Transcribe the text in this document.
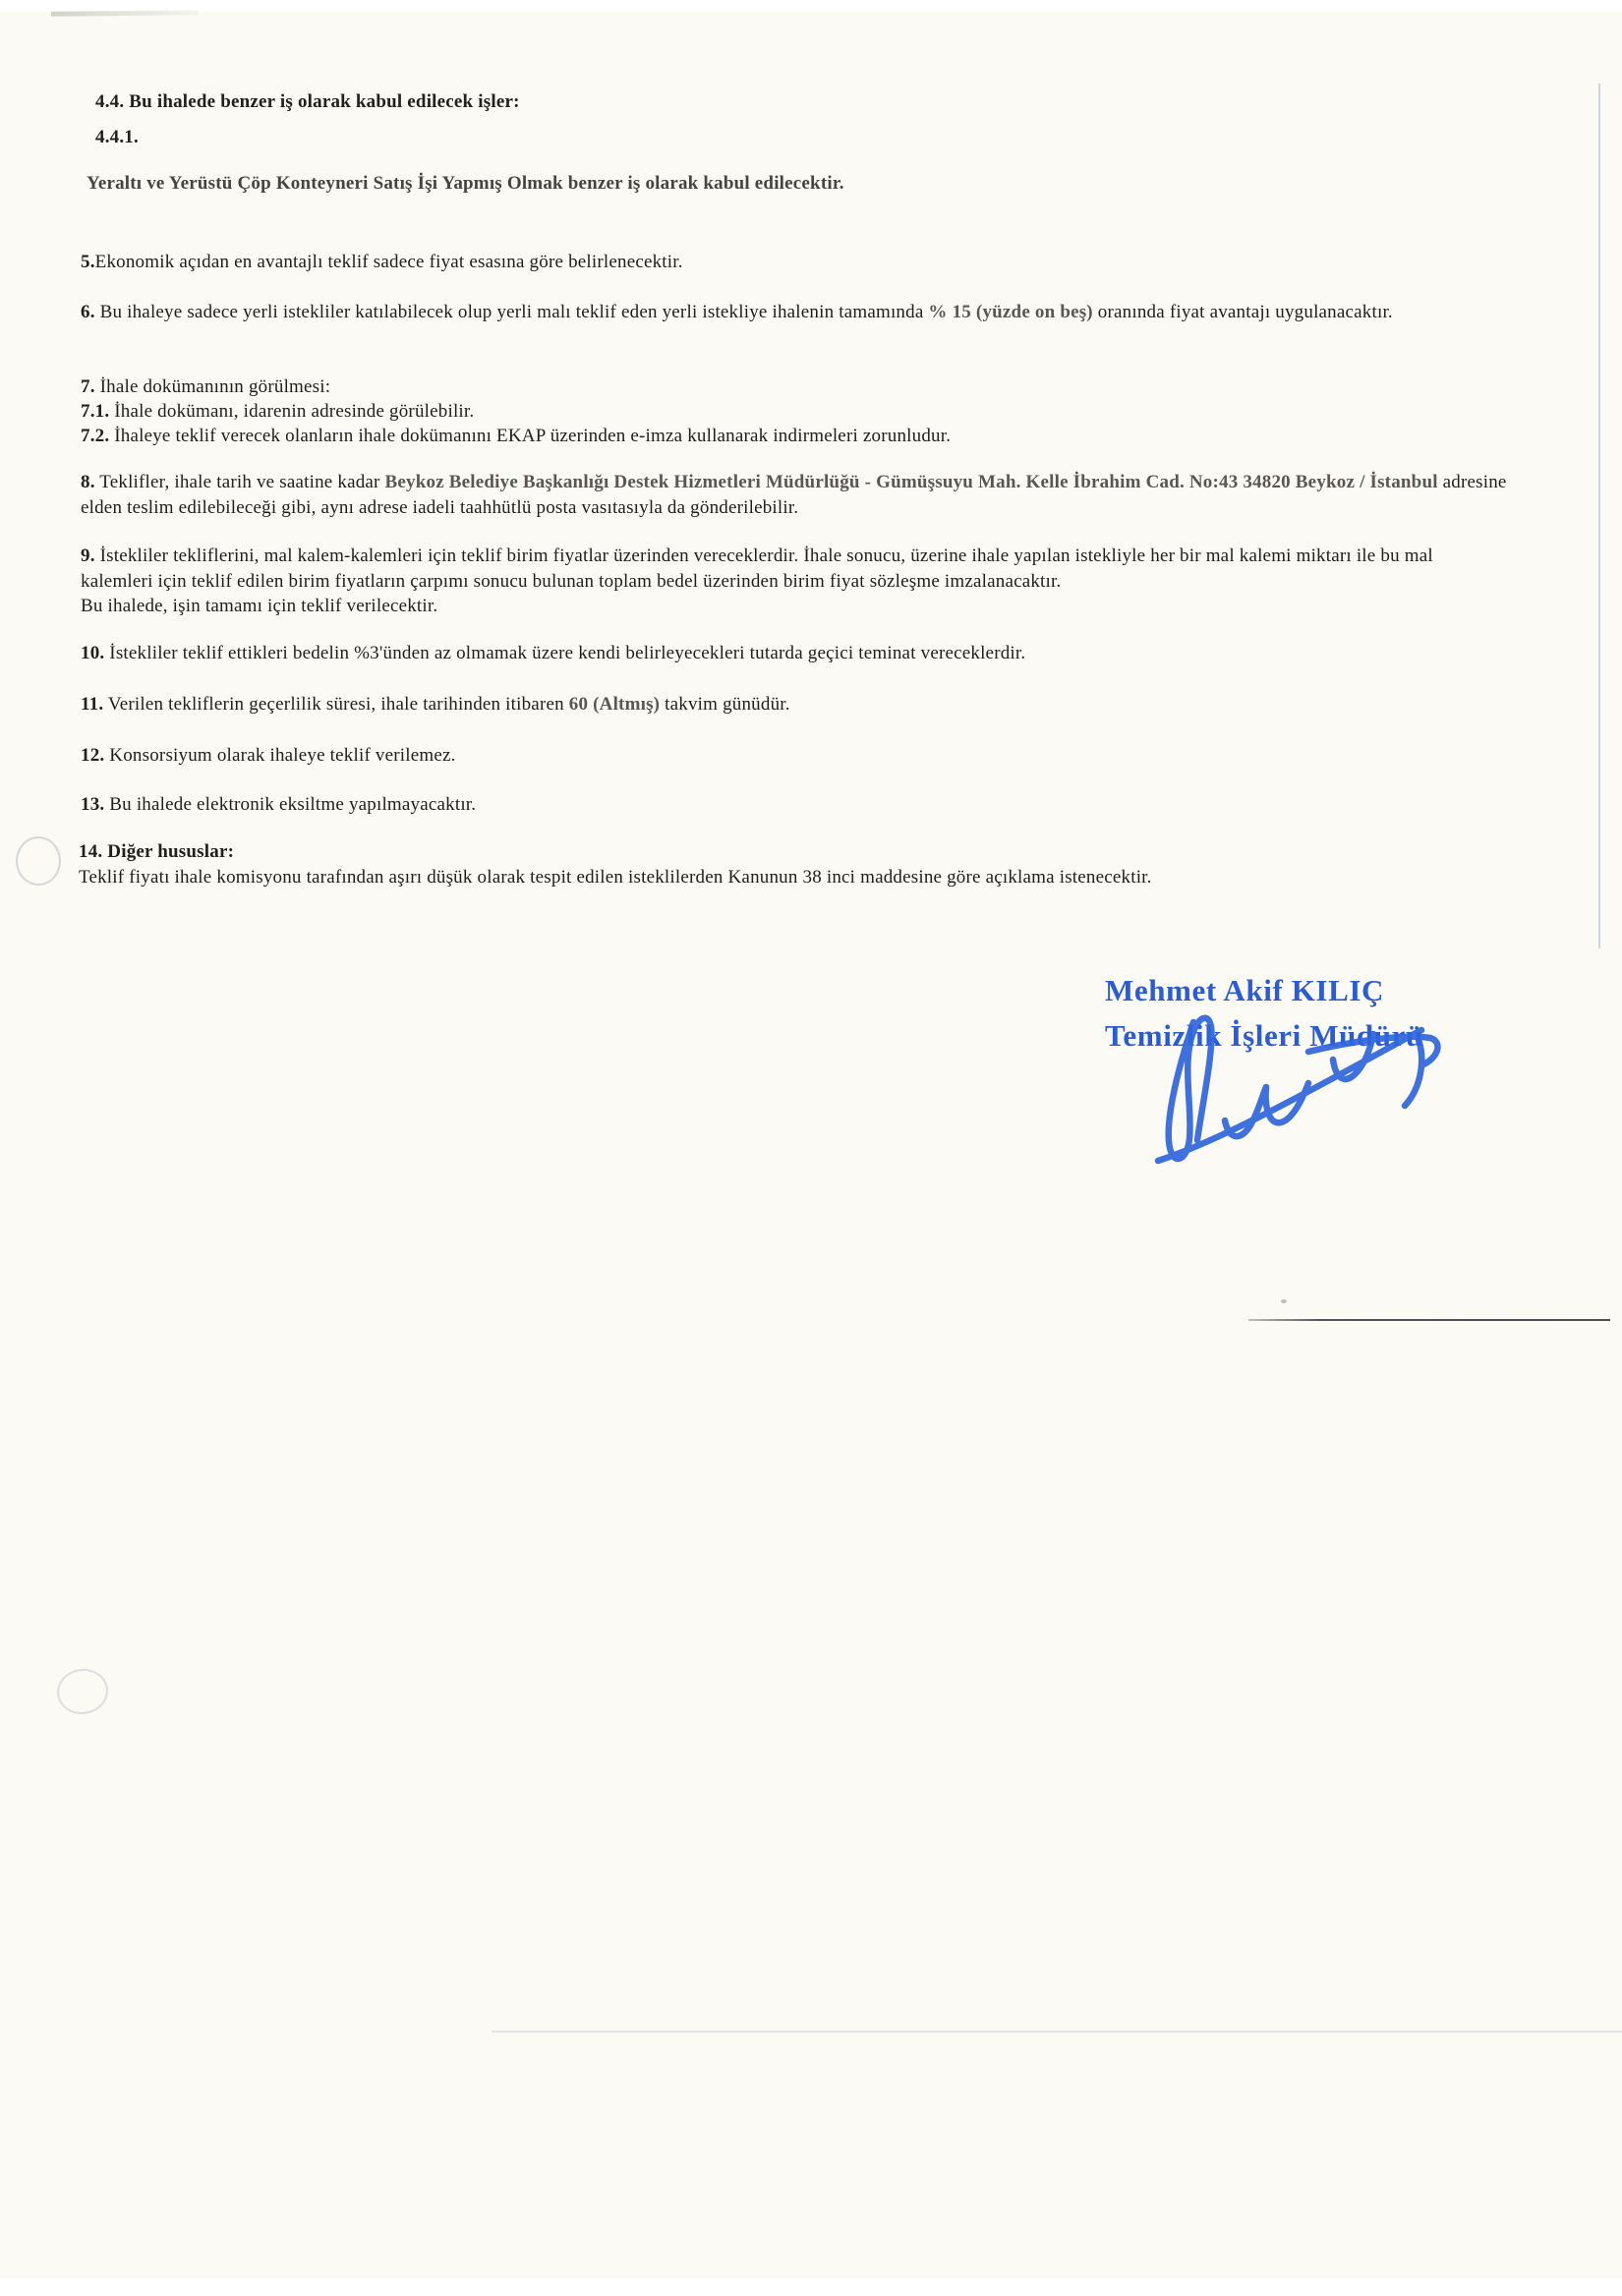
4.4. Bu ihalede benzer iş olarak kabul edilecek işler:
4.4.1.
Yeraltı ve Yerüstü Çöp Konteyneri Satış İşi Yapmış Olmak benzer iş olarak kabul edilecektir.
5.Ekonomik açıdan en avantajlı teklif sadece fiyat esasına göre belirlenecektir.
6. Bu ihaleye sadece yerli istekliler katılabilecek olup yerli malı teklif eden yerli istekliye ihalenin tamamında % 15 (yüzde on beş) oranında fiyat avantajı uygulanacaktır.
7. İhale dokümanının görülmesi:
7.1. İhale dokümanı, idarenin adresinde görülebilir.
7.2. İhaleye teklif verecek olanların ihale dokümanını EKAP üzerinden e-imza kullanarak indirmeleri zorunludur.
8. Teklifler, ihale tarih ve saatine kadar Beykoz Belediye Başkanlığı Destek Hizmetleri Müdürlüğü - Gümüşsuyu Mah. Kelle İbrahim Cad. No:43 34820 Beykoz / İstanbul adresine elden teslim edilebileceği gibi, aynı adrese iadeli taahhütlü posta vasıtasıyla da gönderilebilir.
9. İstekliler tekliflerini, mal kalem-kalemleri için teklif birim fiyatlar üzerinden vereceklerdir. İhale sonucu, üzerine ihale yapılan istekliyle her bir mal kalemi miktarı ile bu mal kalemleri için teklif edilen birim fiyatların çarpımı sonucu bulunan toplam bedel üzerinden birim fiyat sözleşme imzalanacaktır.
Bu ihalede, işin tamamı için teklif verilecektir.
10. İstekliler teklif ettikleri bedelin %3'ünden az olmamak üzere kendi belirleyecekleri tutarda geçici teminat vereceklerdir.
11. Verilen tekliflerin geçerlilik süresi, ihale tarihinden itibaren 60 (Altmış) takvim günüdür.
12. Konsorsiyum olarak ihaleye teklif verilemez.
13. Bu ihalede elektronik eksiltme yapılmayacaktır.
14. Diğer hususlar:
Teklif fiyatı ihale komisyonu tarafından aşırı düşük olarak tespit edilen isteklilerden Kanunun 38 inci maddesine göre açıklama istenecektir.
Mehmet Akif KILIÇ
Temizlik İşleri Müdürü
